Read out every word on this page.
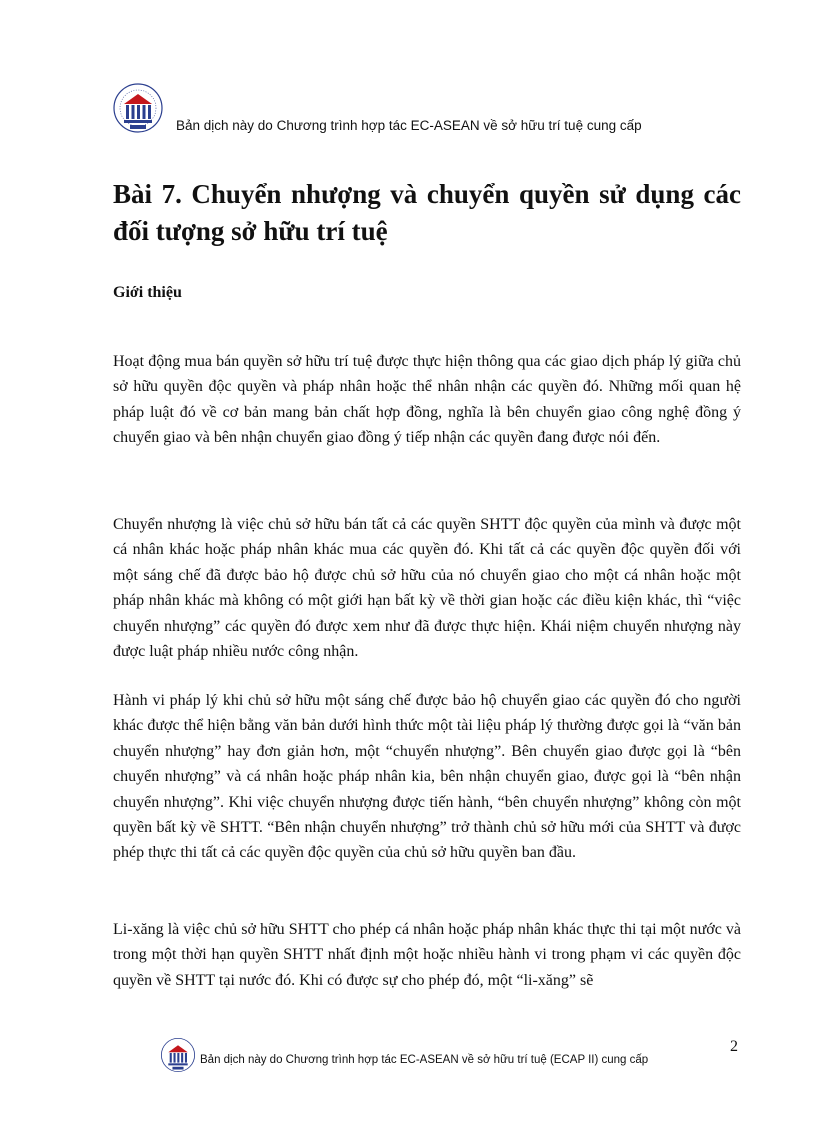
Bản dịch này do Chương trình hợp tác EC-ASEAN về sở hữu trí tuệ cung cấp
Bài 7. Chuyển nhượng và chuyển quyền sử dụng các đối tượng sở hữu trí tuệ
Giới thiệu

Hoạt động mua bán quyền sở hữu trí tuệ được thực hiện thông qua các giao dịch pháp lý giữa chủ sở hữu quyền độc quyền và pháp nhân hoặc thể nhân nhận các quyền đó. Những mối quan hệ pháp luật đó về cơ bản mang bản chất hợp đồng, nghĩa là bên chuyển giao công nghệ đồng ý chuyển giao và bên nhận chuyển giao đồng ý tiếp nhận các quyền đang được nói đến.

Chuyển nhượng là việc chủ sở hữu bán tất cả các quyền SHTT độc quyền của mình và được một cá nhân khác hoặc pháp nhân khác mua các quyền đó. Khi tất cả các quyền độc quyền đối với một sáng chế đã được bảo hộ được chủ sở hữu của nó chuyển giao cho một cá nhân hoặc một pháp nhân khác mà không có một giới hạn bất kỳ về thời gian hoặc các điều kiện khác, thì “việc chuyển nhượng” các quyền đó được xem như đã được thực hiện. Khái niệm chuyển nhượng này được luật pháp nhiều nước công nhận.

Hành vi pháp lý khi chủ sở hữu một sáng chế được bảo hộ chuyển giao các quyền đó cho người khác được thể hiện bằng văn bản dưới hình thức một tài liệu pháp lý thường được gọi là “văn bản chuyển nhượng” hay đơn giản hơn, một “chuyển nhượng”. Bên chuyển giao được gọi là “bên chuyển nhượng” và cá nhân hoặc pháp nhân kia, bên nhận chuyển giao, được gọi là “bên nhận chuyển nhượng”. Khi việc chuyển nhượng được tiến hành, “bên chuyển nhượng” không còn một quyền bất kỳ về SHTT. “Bên nhận chuyển nhượng” trở thành chủ sở hữu mới của SHTT và được phép thực thi tất cả các quyền độc quyền của chủ sở hữu quyền ban đầu.

Li-xăng là việc chủ sở hữu SHTT cho phép cá nhân hoặc pháp nhân khác thực thi tại một nước và trong một thời hạn quyền SHTT nhất định một hoặc nhiều hành vi trong phạm vi các quyền độc quyền về SHTT tại nước đó. Khi có được sự cho phép đó, một “li-xăng” sẽ

2
Bản dịch này do Chương trình hợp tác EC-ASEAN về sở hữu trí tuệ (ECAP II) cung cấp
